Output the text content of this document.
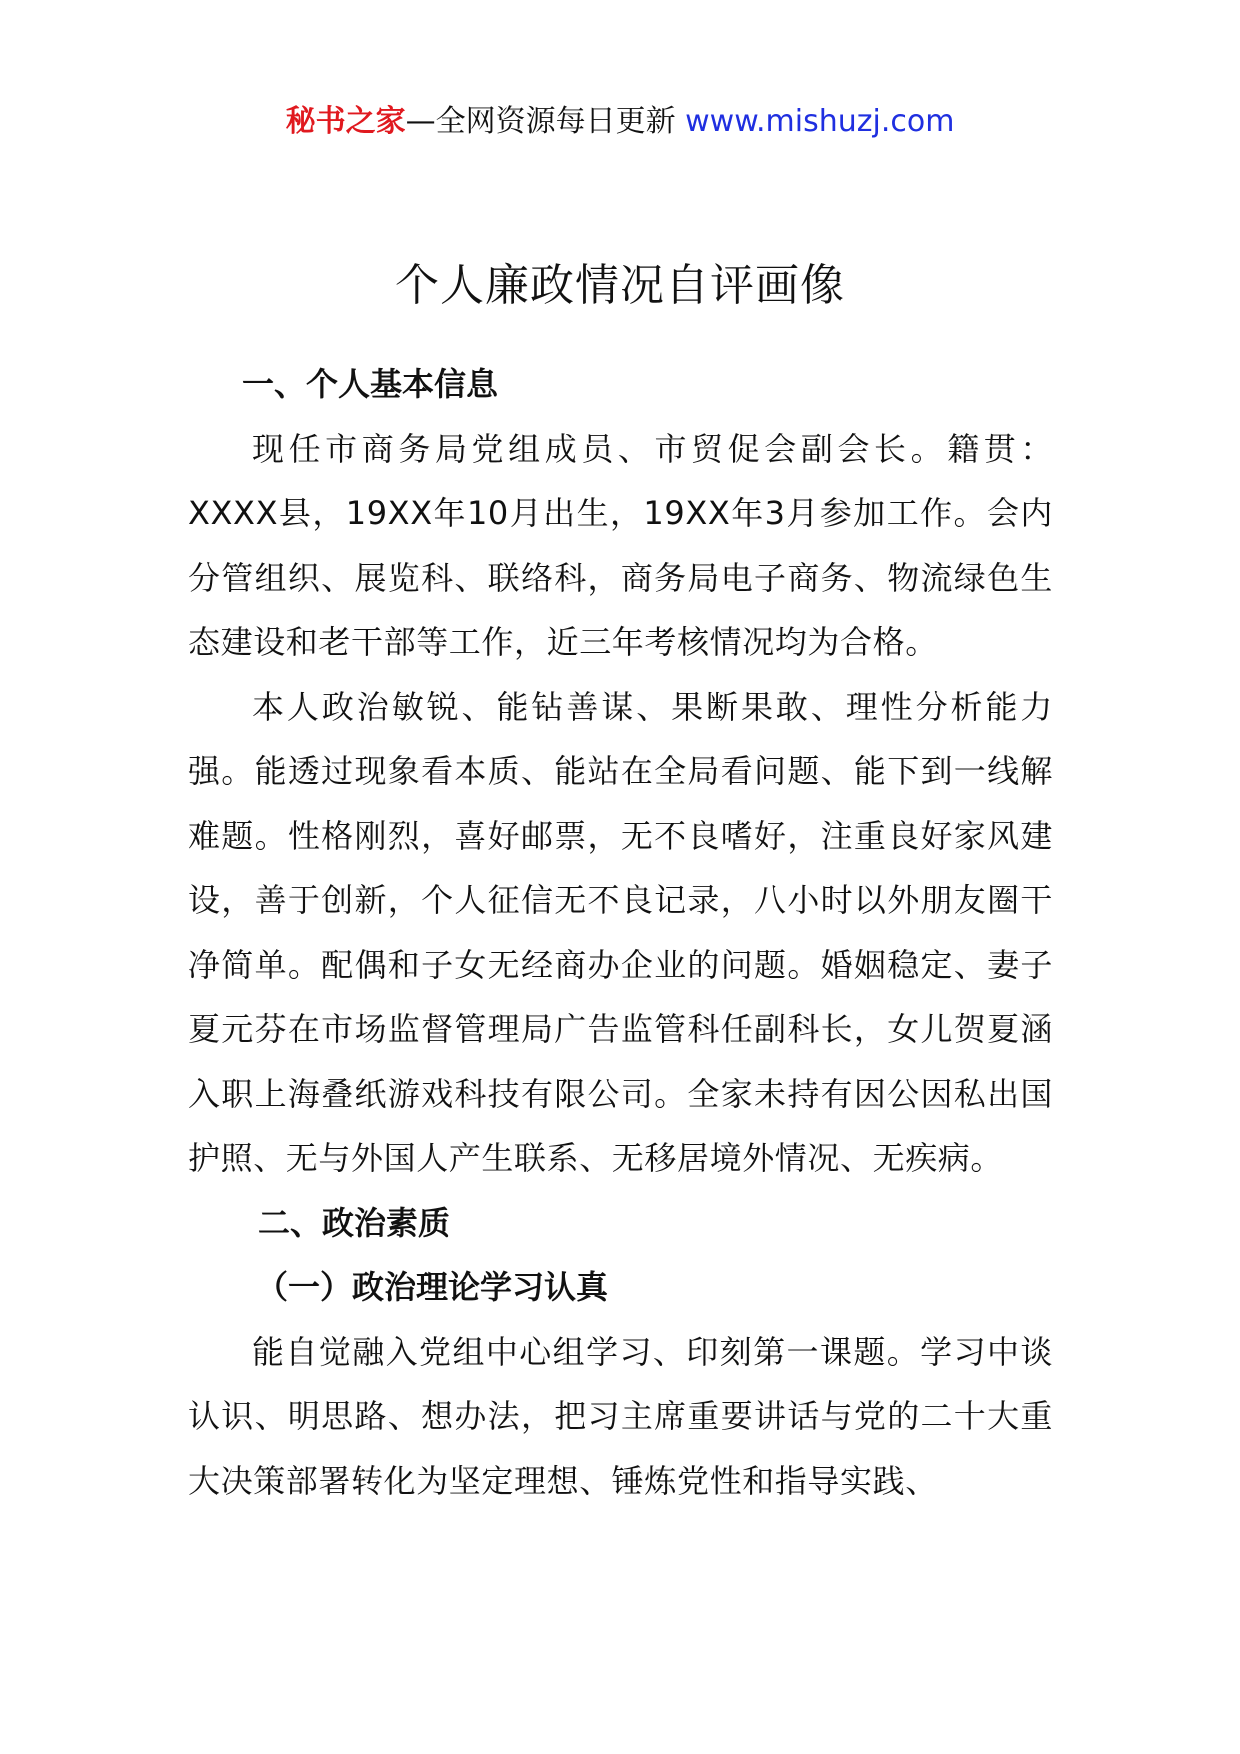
秘书之家—全网资源每日更新 www.mishuzj.com
个人廉政情况自评画像

一、个人基本信息

现任市商务局党组成员、市贸促会副会长。籍贯：XXXX县，19XX年10月出生，19XX年3月参加工作。会内分管组织、展览科、联络科，商务局电子商务、物流绿色生态建设和老干部等工作，近三年考核情况均为合格。

本人政治敏锐、能钻善谋、果断果敢、理性分析能力强。能透过现象看本质、能站在全局看问题、能下到一线解难题。性格刚烈，喜好邮票，无不良嗜好，注重良好家风建设，善于创新，个人征信无不良记录，八小时以外朋友圈干净简单。配偶和子女无经商办企业的问题。婚姻稳定、妻子夏元芬在市场监督管理局广告监管科任副科长，女儿贺夏涵入职上海叠纸游戏科技有限公司。全家未持有因公因私出国护照、无与外国人产生联系、无移居境外情况、无疾病。

二、政治素质

（一）政治理论学习认真

能自觉融入党组中心组学习、印刻第一课题。学习中谈认识、明思路、想办法，把习主席重要讲话与党的二十大重大决策部署转化为坚定理想、锤炼党性和指导实践、
